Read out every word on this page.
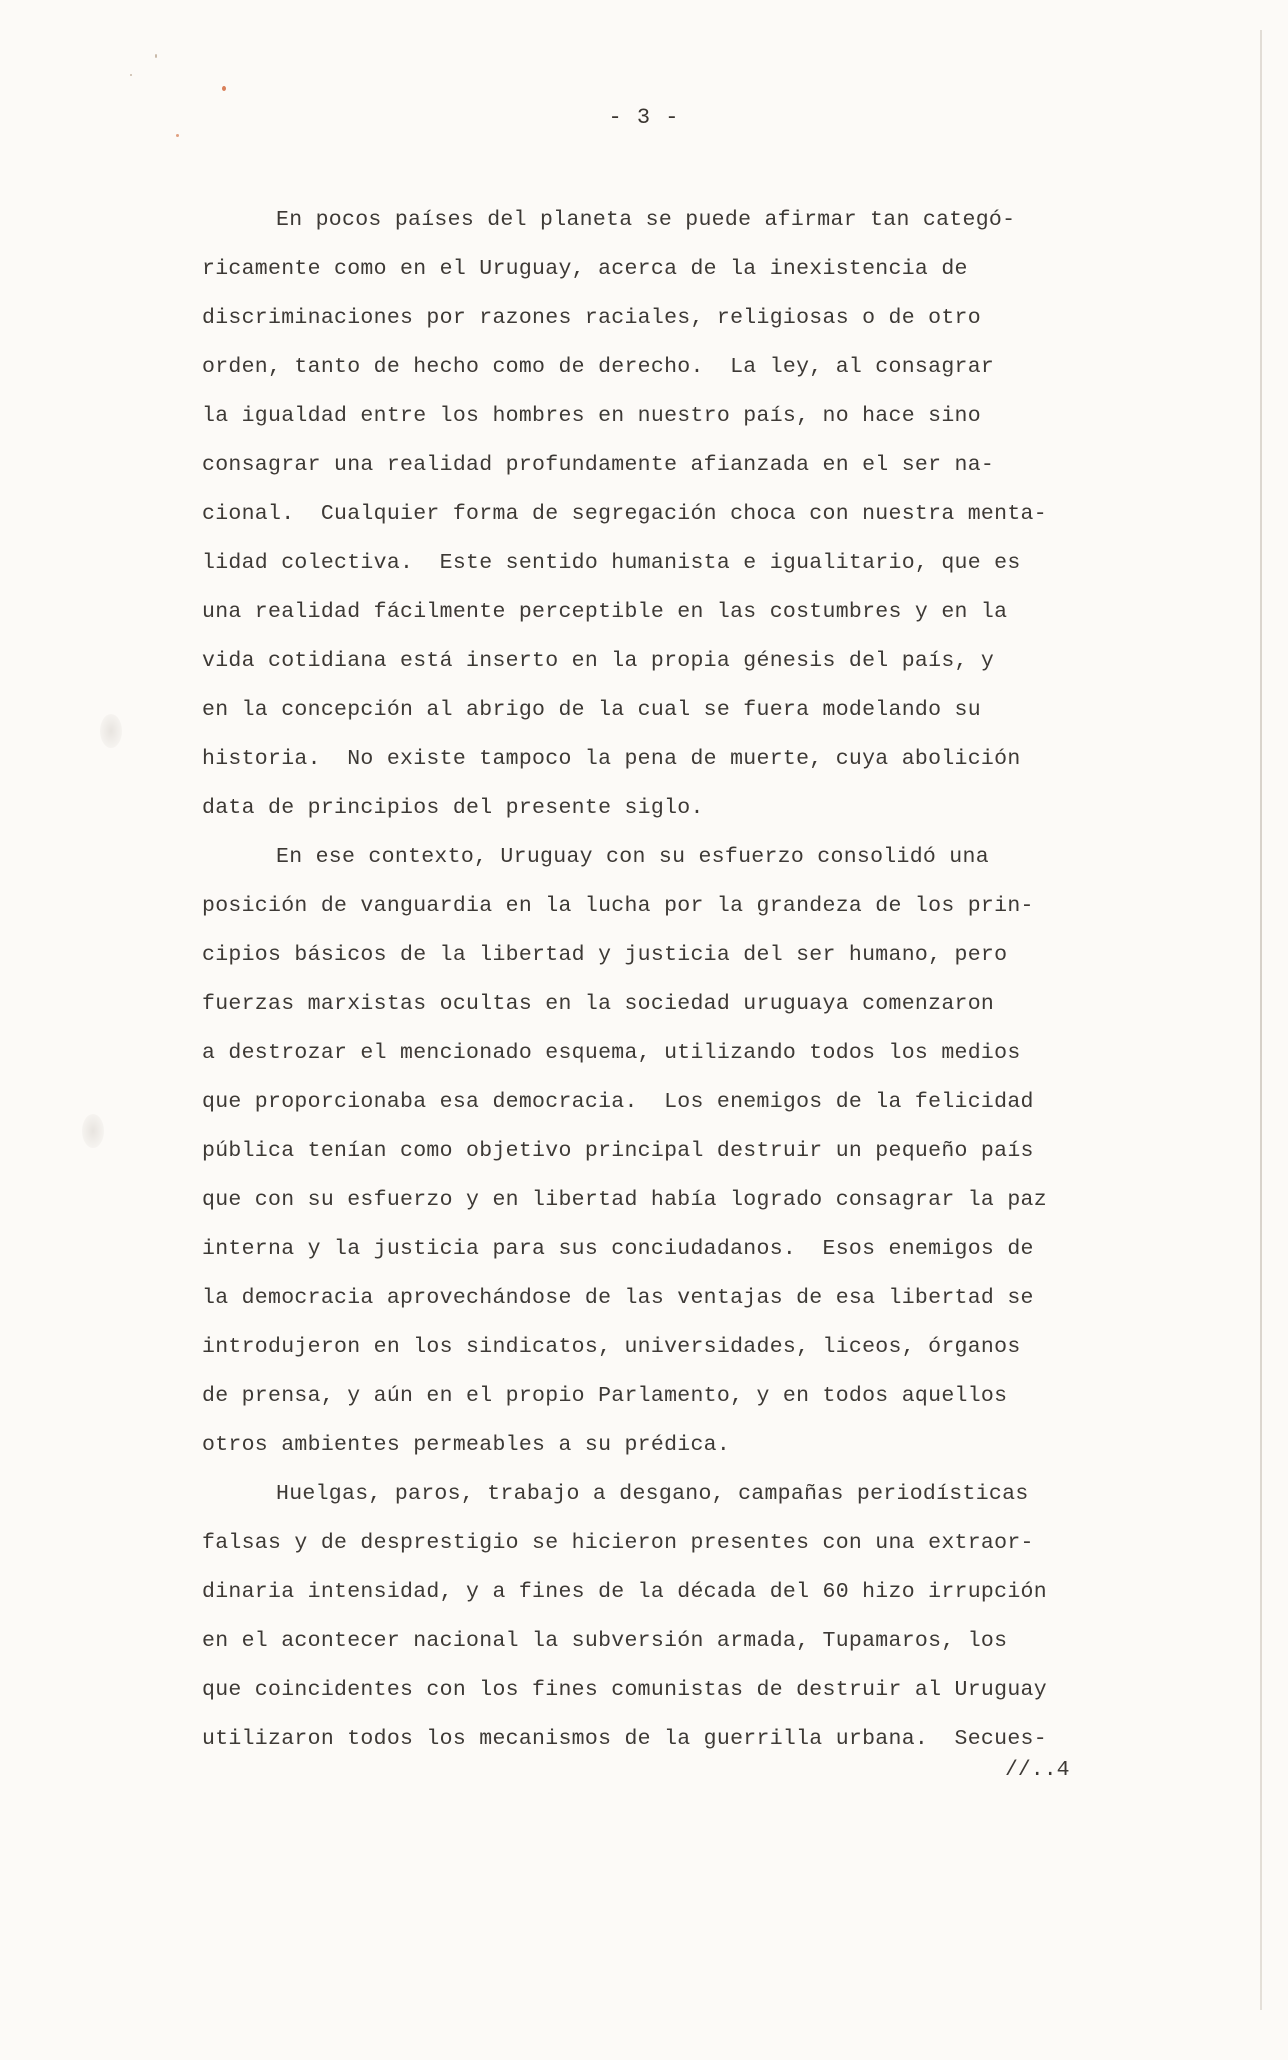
- 3 -
En pocos países del planeta se puede afirmar tan categó-
ricamente como en el Uruguay, acerca de la inexistencia de
discriminaciones por razones raciales, religiosas o de otro
orden, tanto de hecho como de derecho.  La ley, al consagrar
la igualdad entre los hombres en nuestro país, no hace sino
consagrar una realidad profundamente afianzada en el ser na-
cional.  Cualquier forma de segregación choca con nuestra menta-
lidad colectiva.  Este sentido humanista e igualitario, que es
una realidad fácilmente perceptible en las costumbres y en la
vida cotidiana está inserto en la propia génesis del país, y
en la concepción al abrigo de la cual se fuera modelando su
historia.  No existe tampoco la pena de muerte, cuya abolición
data de principios del presente siglo.
En ese contexto, Uruguay con su esfuerzo consolidó una
posición de vanguardia en la lucha por la grandeza de los prin-
cipios básicos de la libertad y justicia del ser humano, pero
fuerzas marxistas ocultas en la sociedad uruguaya comenzaron
a destrozar el mencionado esquema, utilizando todos los medios
que proporcionaba esa democracia.  Los enemigos de la felicidad
pública tenían como objetivo principal destruir un pequeño país
que con su esfuerzo y en libertad había logrado consagrar la paz
interna y la justicia para sus conciudadanos.  Esos enemigos de
la democracia aprovechándose de las ventajas de esa libertad se
introdujeron en los sindicatos, universidades, liceos, órganos
de prensa, y aún en el propio Parlamento, y en todos aquellos
otros ambientes permeables a su prédica.
Huelgas, paros, trabajo a desgano, campañas periodísticas
falsas y de desprestigio se hicieron presentes con una extraor-
dinaria intensidad, y a fines de la década del 60 hizo irrupción
en el acontecer nacional la subversión armada, Tupamaros, los
que coincidentes con los fines comunistas de destruir al Uruguay
utilizaron todos los mecanismos de la guerrilla urbana.  Secues-
//..4
